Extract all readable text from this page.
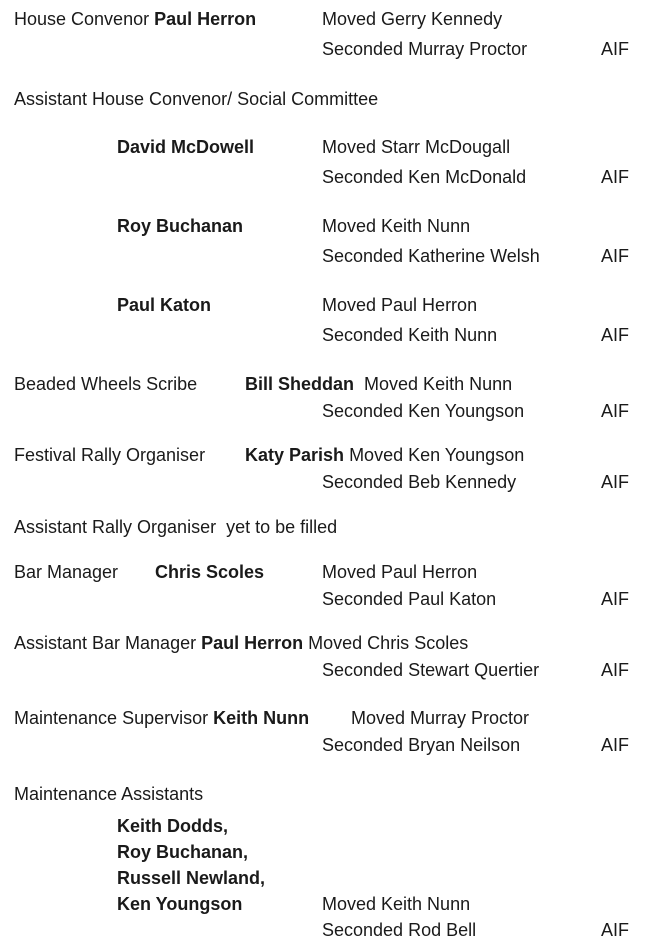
House Convenor Paul Herron	Moved Gerry Kennedy
Seconded Murray Proctor	AIF
Assistant House Convenor/ Social Committee
David McDowell	Moved Starr McDougall
Seconded Ken McDonald	AIF
Roy Buchanan	Moved Keith Nunn
Seconded Katherine Welsh	AIF
Paul Katon	Moved Paul Herron
Seconded Keith Nunn	AIF
Beaded Wheels Scribe	Bill Sheddan Moved Keith Nunn
Seconded Ken Youngson	AIF
Festival Rally Organiser Katy Parish Moved Ken Youngson
Seconded Beb Kennedy	AIF
Assistant Rally Organiser yet to be filled
Bar Manager Chris Scoles	Moved Paul Herron
Seconded Paul Katon	AIF
Assistant Bar Manager Paul Herron Moved Chris Scoles
Seconded Stewart Quertier	AIF
Maintenance Supervisor Keith Nunn Moved Murray Proctor
Seconded Bryan Neilson	AIF
Maintenance Assistants
Keith Dodds,
Roy Buchanan,
Russell Newland,
Ken Youngson	Moved Keith Nunn
Seconded Rod Bell	AIF
